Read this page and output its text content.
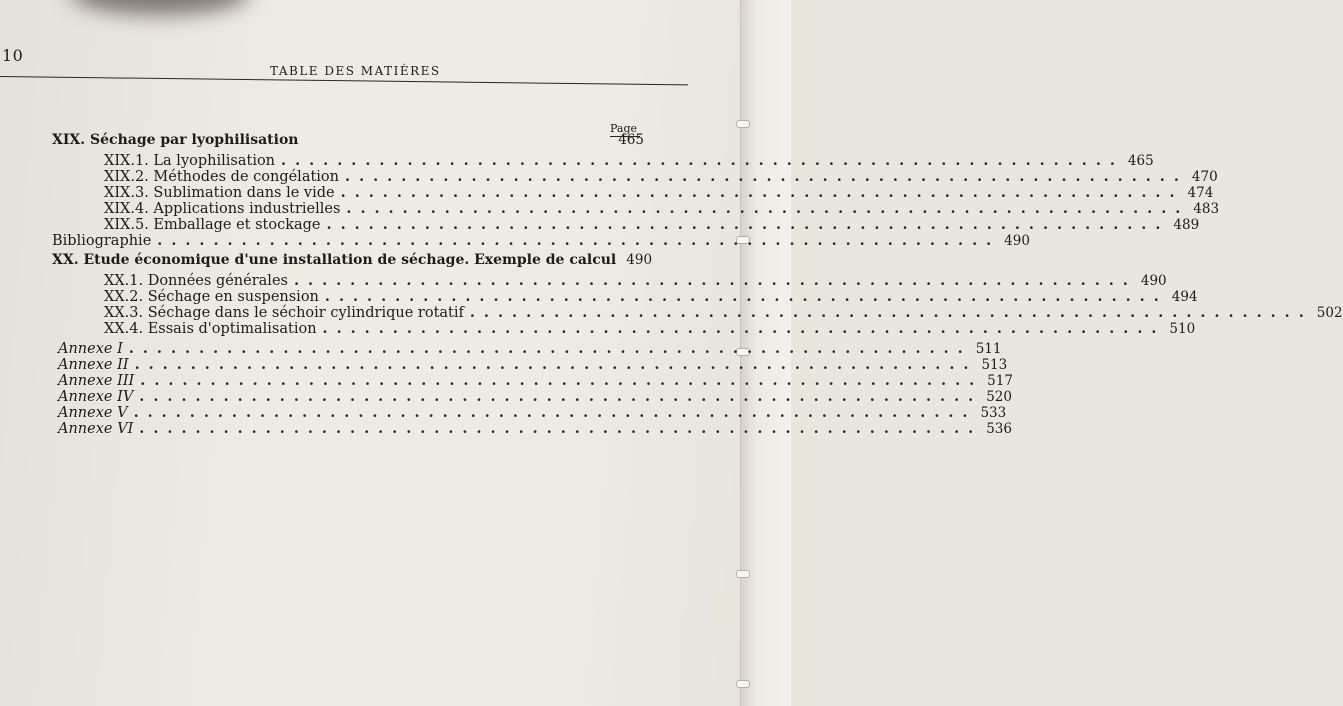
10
TABLE DES MATIÈRES
Page
XIX. Séchage par lyophilisation	465
XIX.1. La lyophilisation ............................................................ 465
XIX.2. Méthodes de congélation ............................................................ 470
XIX.3. Sublimation dans le vide ............................................................ 474
XIX.4. Applications industrielles ............................................................ 483
XIX.5. Emballage et stockage ............................................................ 489
Bibliographie ............................................................ 490
XX. Etude économique d'une installation de séchage. Exemple de calcul 490
XX.1. Données générales ............................................................ 490
XX.2. Séchage en suspension ............................................................ 494
XX.3. Séchage dans le séchoir cylindrique rotatif ............................................................ 502
XX.4. Essais d'optimalisation ............................................................ 510
Annexe I ............................................................ 511
Annexe II ............................................................ 513
Annexe III ............................................................ 517
Annexe IV ............................................................ 520
Annexe V ............................................................ 533
Annexe VI ............................................................ 536
